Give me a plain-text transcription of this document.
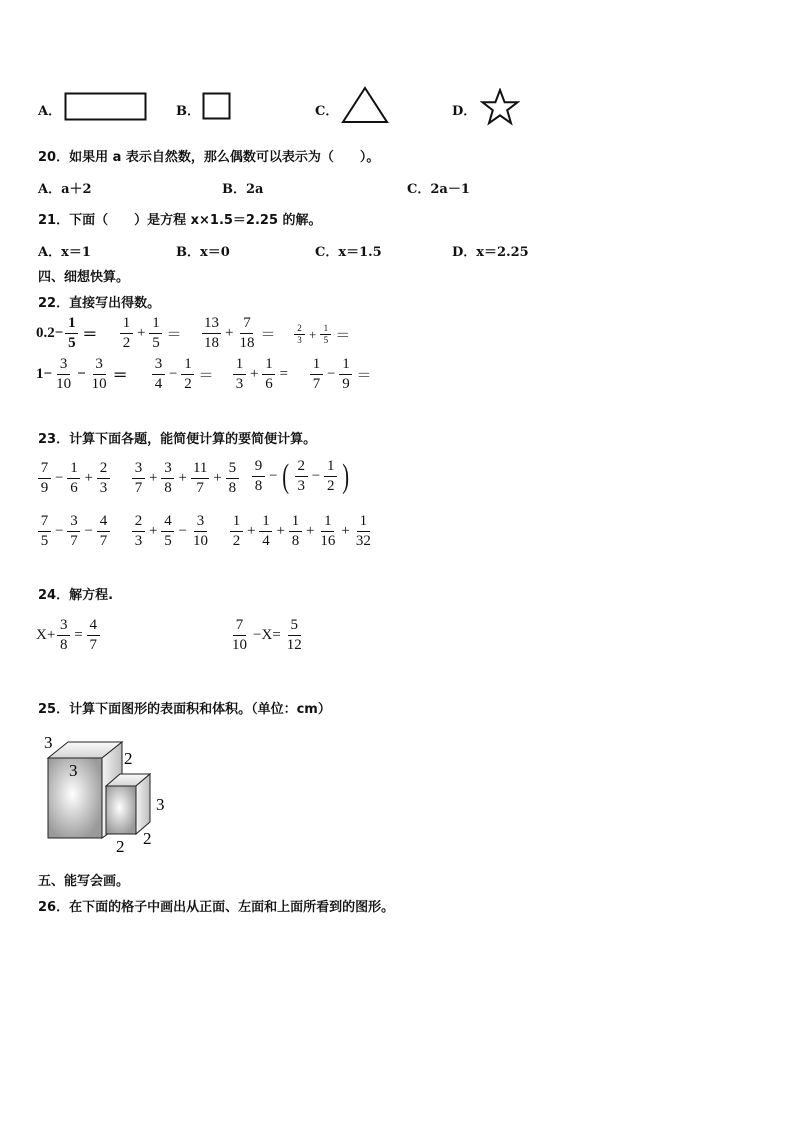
A．	B．	C．	D．
20．如果用 a 表示自然数，那么偶数可以表示为（　　）。
A．a＋2	B．2a	C．2a－1
21．下面（　　）是方程 x×1.5＝2.25 的解。
A．x＝1	B．x＝0	C．x＝1.5	D．x＝2.25
四、细想快算。
22．直接写出得数。
$0.2- \frac{1}{5} = \frac{1}{2} + \frac{1}{5} = \frac{13}{18} + \frac{7}{18} = \frac{2}{3} + \frac{1}{5}$ ＝
$1- \frac{3}{10} - \frac{3}{10} = \frac{3}{4} - \frac{1}{2} = \frac{1}{3} + \frac{1}{6} = \frac{1}{7} - \frac{1}{9}$ ＝
23．计算下面各题，能简便计算的要简便计算。
$\frac{7}{9} - \frac{1}{6} + \frac{2}{3} \frac{3}{7} + \frac{3}{8} + \frac{11}{7} + \frac{5}{8} \frac{9}{8}$ − ( $\frac{2}{3} - \frac{1}{2}$ )
$\frac{7}{5} - \frac{3}{7} - \frac{4}{7} \frac{2}{3} + \frac{4}{5} - \frac{3}{10} \frac{1}{2} + \frac{1}{4} + \frac{1}{8} + \frac{1}{16} + \frac{1}{32}$
24．解方程.
$X+ \frac{3}{8} = \frac{4}{7}$	$\frac{7}{10} -X= \frac{5}{12}$
25．计算下面图形的表面积和体积。（单位：cm）
3
3
2
3
2 2
五、能写会画。
26．在下面的格子中画出从正面、左面和上面所看到的图形。
